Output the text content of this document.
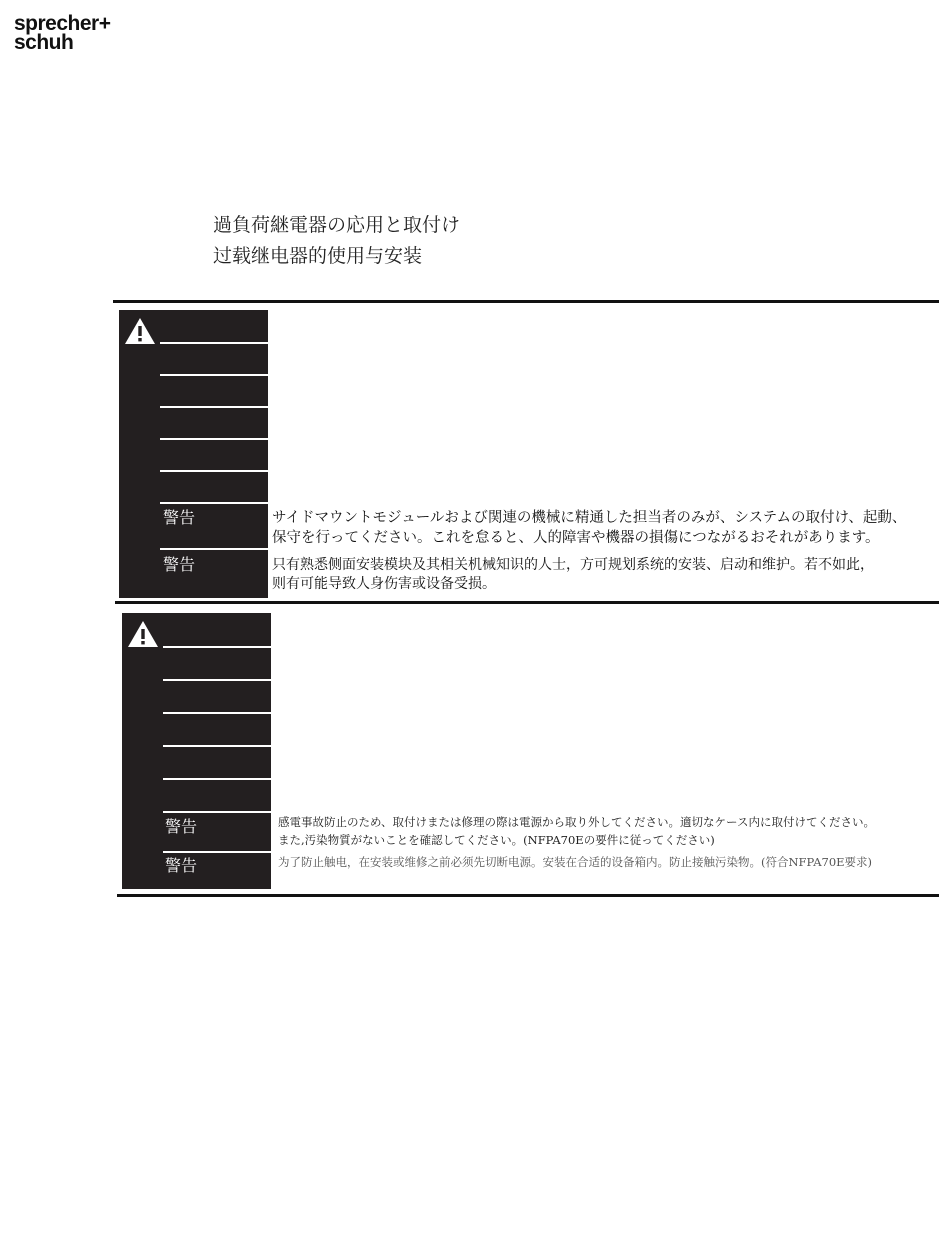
sprecher+
schuh
過負荷継電器の応用と取付け
过载继电器的使用与安装
警告
警告
サイドマウントモジュールおよび関連の機械に精通した担当者のみが、システムの取付け、起動、
保守を行ってください。これを怠ると、人的障害や機器の損傷につながるおそれがあります。
只有熟悉侧面安装模块及其相关机械知识的人士，方可规划系统的安装、启动和维护。若不如此，
则有可能导致人身伤害或设备受损。
警告
警告
感電事故防止のため、取付けまたは修理の際は電源から取り外してください。適切なケース内に取付けてください。
また,汚染物質がないことを確認してください。(NFPA70Eの要件に従ってください)
为了防止触电，在安装或维修之前必须先切断电源。安装在合适的设备箱内。防止接触污染物。(符合NFPA70E要求)
